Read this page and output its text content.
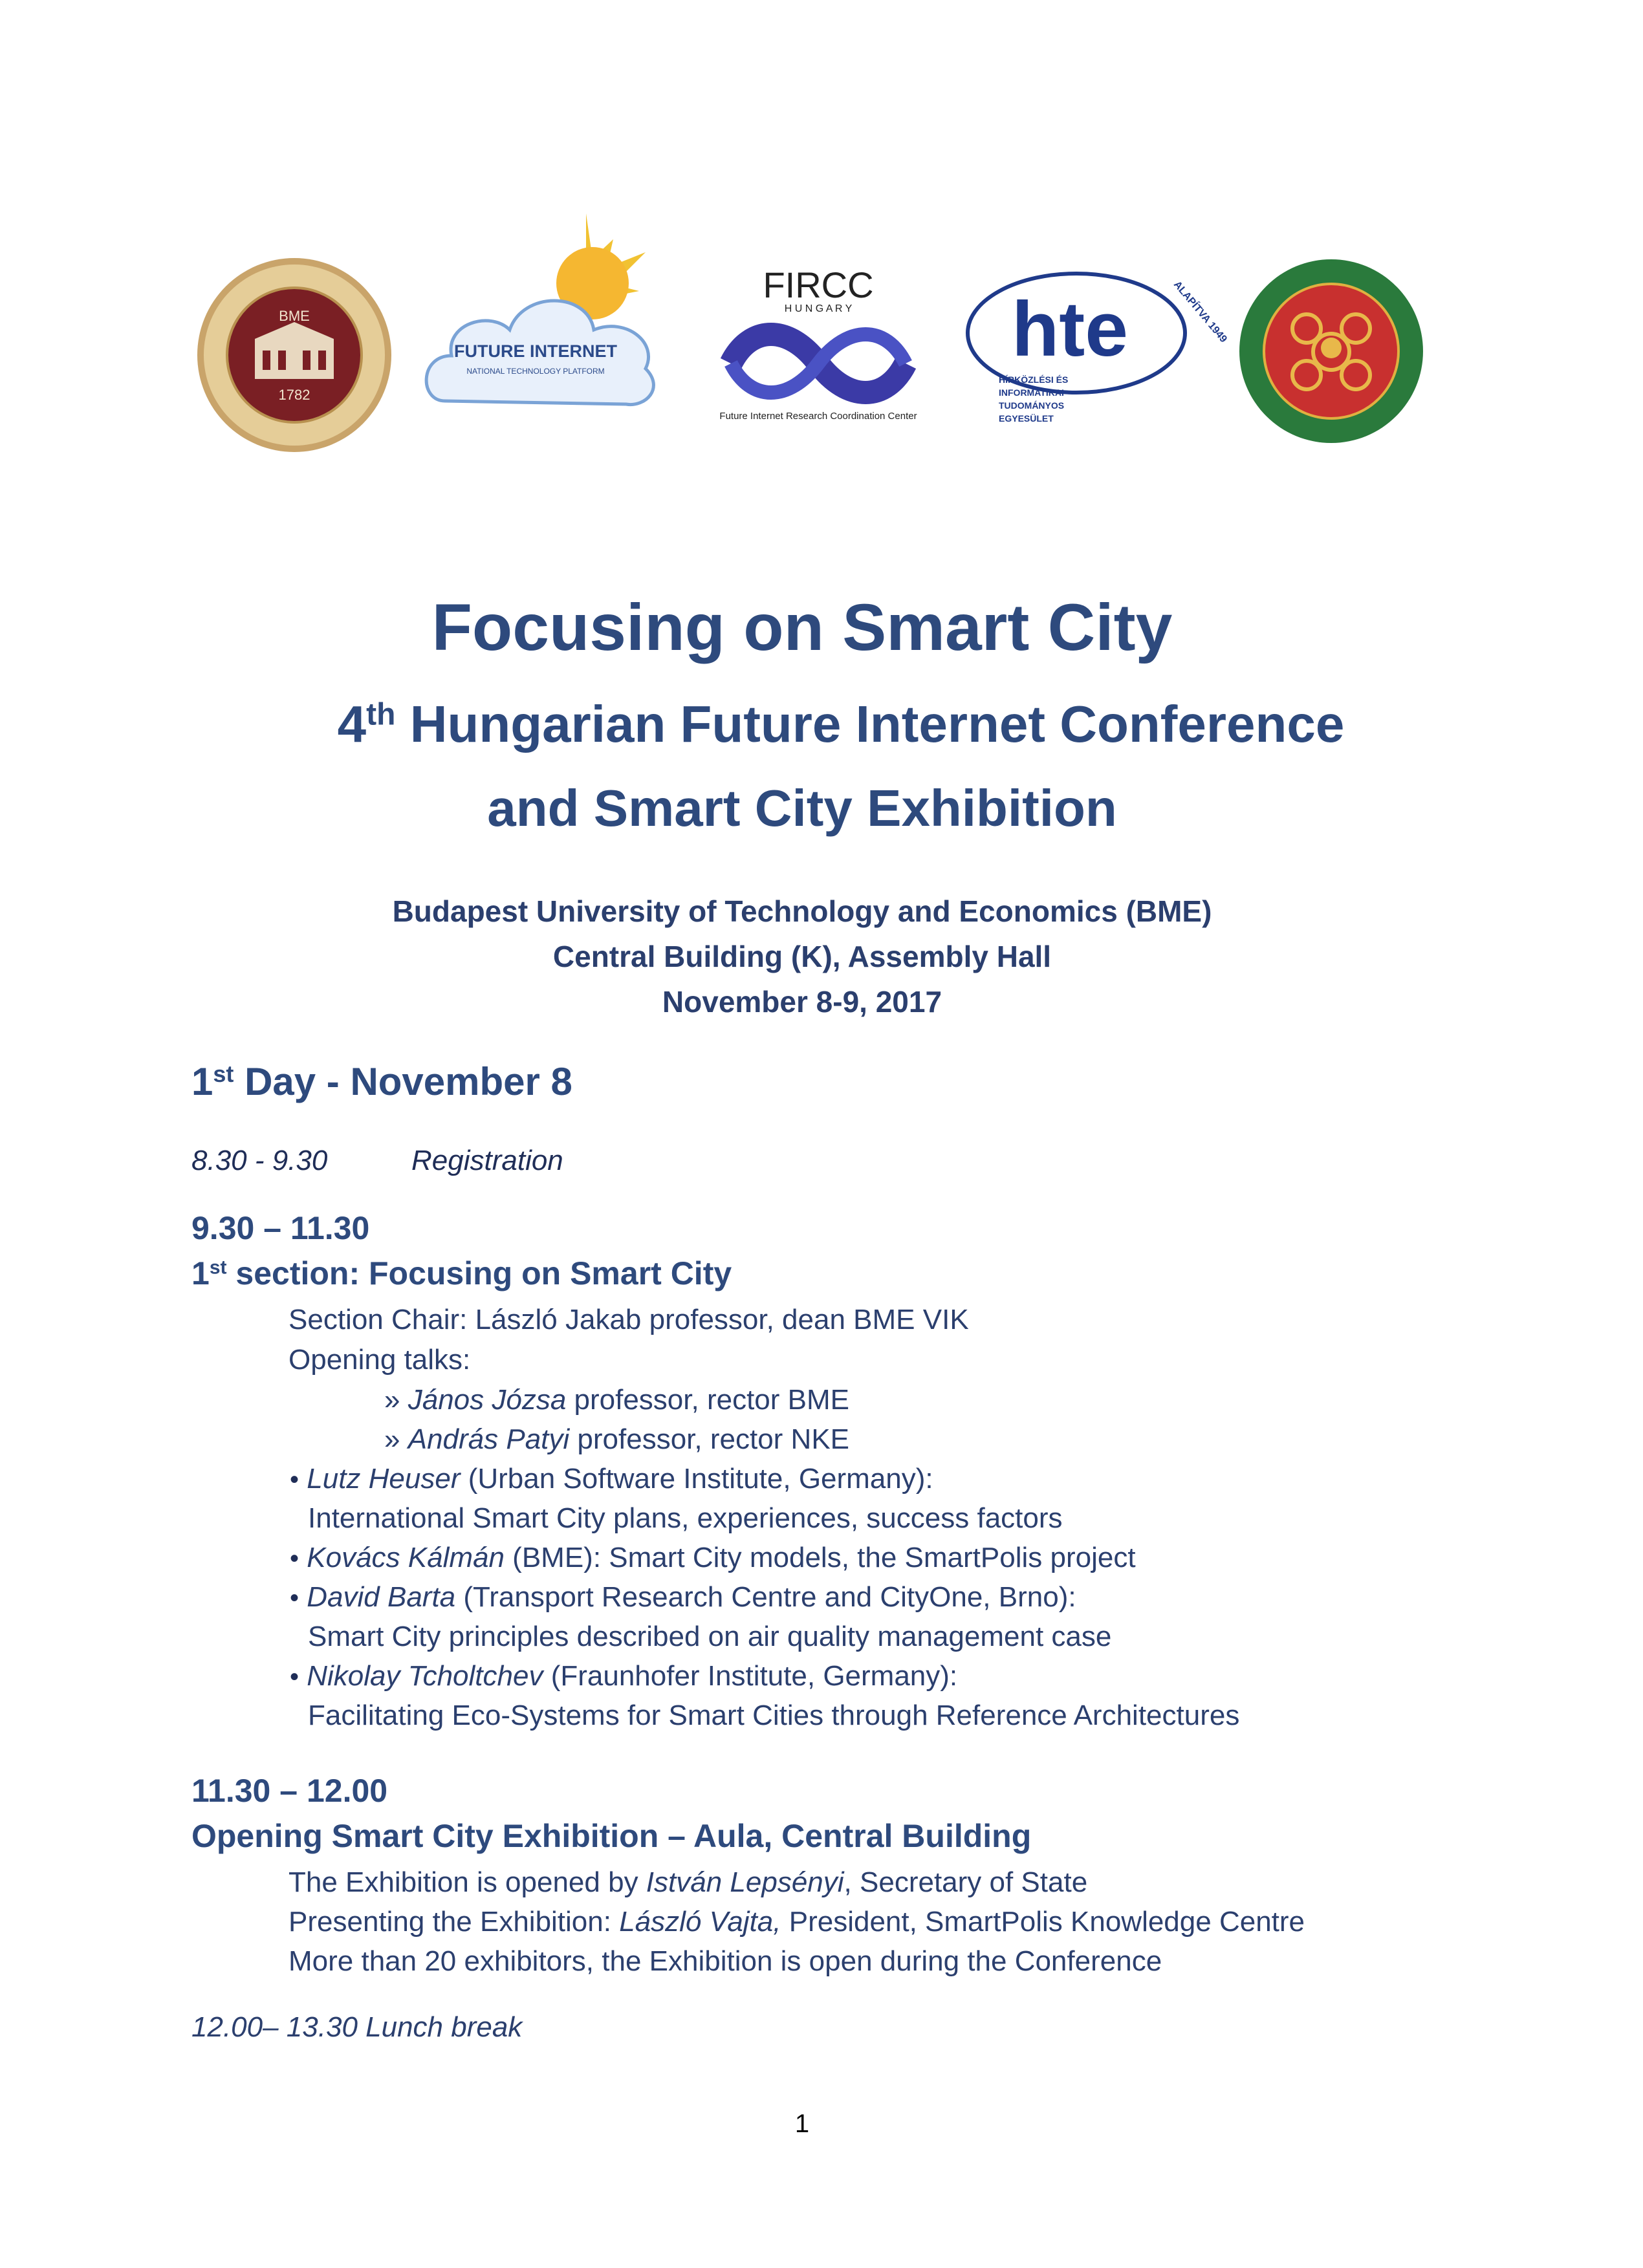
BME
1782
FUTURE INTERNET
NATIONAL TECHNOLOGY PLATFORM
FIRCC
H U N G A R Y
Future Internet Research Coordination Center
hte	ALAPÍTVA 1949
HÍRKÖZLÉSI ÉS
INFORMATIKAI
TUDOMÁNYOS
EGYESÜLET
Focusing on Smart City
4th Hungarian Future Internet Conference
and Smart City Exhibition
Budapest University of Technology and Economics (BME)
Central Building (K), Assembly Hall
November 8-9, 2017
1st Day - November 8
8.30 - 9.30	Registration
9.30 – 11.30
1st section: Focusing on Smart City
Section Chair: László Jakab professor, dean BME VIK
Opening talks:
» János Józsa professor, rector BME
» András Patyi professor, rector NKE
• Lutz Heuser (Urban Software Institute, Germany):
International Smart City plans, experiences, success factors
• Kovács Kálmán (BME): Smart City models, the SmartPolis project
• David Barta (Transport Research Centre and CityOne, Brno):
Smart City principles described on air quality management case
• Nikolay Tcholtchev (Fraunhofer Institute, Germany):
Facilitating Eco-Systems for Smart Cities through Reference Architectures
11.30 – 12.00
Opening Smart City Exhibition – Aula, Central Building
The Exhibition is opened by István Lepsényi, Secretary of State
Presenting the Exhibition: László Vajta, President, SmartPolis Knowledge Centre
More than 20 exhibitors, the Exhibition is open during the Conference
12.00– 13.30 Lunch break
1
